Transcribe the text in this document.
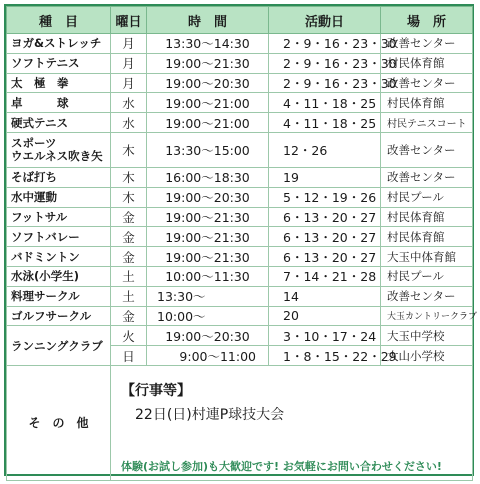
種　目	曜日	時　間	活動日	場　所
ヨガ&ストレッチ	月	13:30～14:30	2・9・16・23・30	改善センター
ソフトテニス	月	19:00～21:30	2・9・16・23・30	村民体育館
太　極　拳	月	19:00～20:30	2・9・16・23・30	改善センター
卓　　　球	水	19:00～21:00	4・11・18・25	村民体育館
硬式テニス	水	19:00～21:00	4・11・18・25	村民テニスコート
スポーツ
ウエルネス吹き矢	木	13:30～15:00	12・26	改善センター
そば打ち	木	16:00～18:30	19	改善センター
水中運動	木	19:00～20:30	5・12・19・26	村民プール
フットサル	金	19:00～21:30	6・13・20・27	村民体育館
ソフトバレー	金	19:00～21:30	6・13・20・27	村民体育館
バドミントン	金	19:00～21:30	6・13・20・27	大玉中体育館
水泳(小学生)	土	10:00～11:30	7・14・21・28	村民プール
料理サークル	土	13:30～	14	改善センター
ゴルフサークル	金	10:00～	20	大玉カントリークラブ
ランニングクラブ	火	19:00～20:30	3・10・17・24	大玉中学校
	日	9:00～11:00	1・8・15・22・29	大山小学校
そ　の　他	【行事等】
22日(日)村連P球技大会
体験(お試し参加)も大歓迎です! お気軽にお問い合わせください!			
